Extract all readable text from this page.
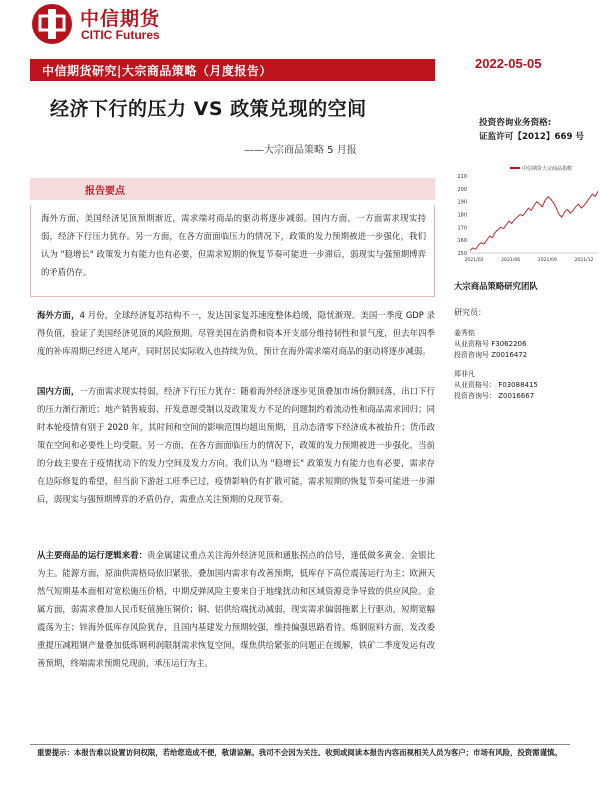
中信期货
CITIC Futures
中信期货研究|大宗商品策略（月度报告）	2022-05-05
经济下行的压力 VS 政策兑现的空间
——大宗商品策略 5 月报
投资咨询业务资格:
证监许可【2012】669 号
中信期货大宗商品指数
210
200
190
180
170
160
150
2021/02	2021/06	2021/09	2021/12
大宗商品策略研究团队
研究员：
姜秀铭
从业资格号 F3062206
投资咨询号 Z0016472
郑非凡
从业资格号： F03088415
投资咨询号： Z0016667
报告要点
海外方面，美国经济见顶预期渐近，需求端对商品的驱动将逐步减弱。国内方面，一方面需求现实持弱，经济下行压力犹存。另一方面，在各方面面临压力的情况下，政策的发力预期被进一步强化，我们认为 "稳增长" 政策发力有能力也有必要，但需求短期的恢复节奏可能进一步滞后，弱现实与强预期博弈的矛盾仍存。
海外方面，4 月份，全球经济复苏结构不一，发达国家复苏速度整体趋缓，隐忧渐现。美国一季度 GDP 录得负值，验证了美国经济见顶的风险预期。尽管美国在消费和资本开支部分维持韧性和景气度，但去年四季度的补库周期已经进入尾声，同时居民实际收入也持续为负，预计在海外需求端对商品的驱动将逐步减弱。
国内方面，一方面需求现实持弱，经济下行压力犹存：随着海外经济逐步见顶叠加市场份额回落，出口下行的压力渐行渐近；地产销售疲弱、开发意愿受制以及政策发力不足的问题制约着流动性和商品需求回归；同时本轮疫情有别于 2020 年，其时间和空间的影响范围均超出预期，且动态清零下经济成本被抬升；货币政策在空间和必要性上均受限。另一方面，在各方面面临压力的情况下，政策的发力预期被进一步强化，当前的分歧主要在于疫情扰动下的发力空间及发力方向。我们认为 "稳增长" 政策发力有能力也有必要，需求存在边际修复的希望，但当前下游赶工旺季已过，疫情影响仍有扩散可能，需求短期的恢复节奏可能进一步滞后，弱现实与强预期博弈的矛盾仍存，需重点关注预期的兑现节奏。
从主要商品的运行逻辑来看：贵金属建议重点关注海外经济见顶和通胀拐点的信号，逢低做多黄金、金银比为主。能源方面，原油供需格局依旧紧张，叠加国内需求有改善预期，低库存下高位震荡运行为主；欧洲天然气短期基本面相对宽松施压价格，中期反弹风险主要来自于地缘扰动和区域资源竞争导致的供应风险。金属方面，弱需求叠加人民币贬值施压铜价；铜、铝供给端扰动减弱，现实需求偏弱拖累上行驱动，短期宽幅震荡为主；锌海外低库存风险犹存，且国内基建发力预期较强，维持偏强思路看待。炼钢原料方面，发改委重提压减粗钢产量叠加低炼钢利润限制需求恢复空间，煤焦供给紧张的问题正在缓解，铁矿二季度发运有改善预期，终端需求预期兑现前，承压运行为主。
重要提示：本报告难以设置访问权限，若给您造成不便，敬请谅解。我司不会因为关注、收到或阅读本报告内容而视相关人员为客户；市场有风险，投资需谨慎。
